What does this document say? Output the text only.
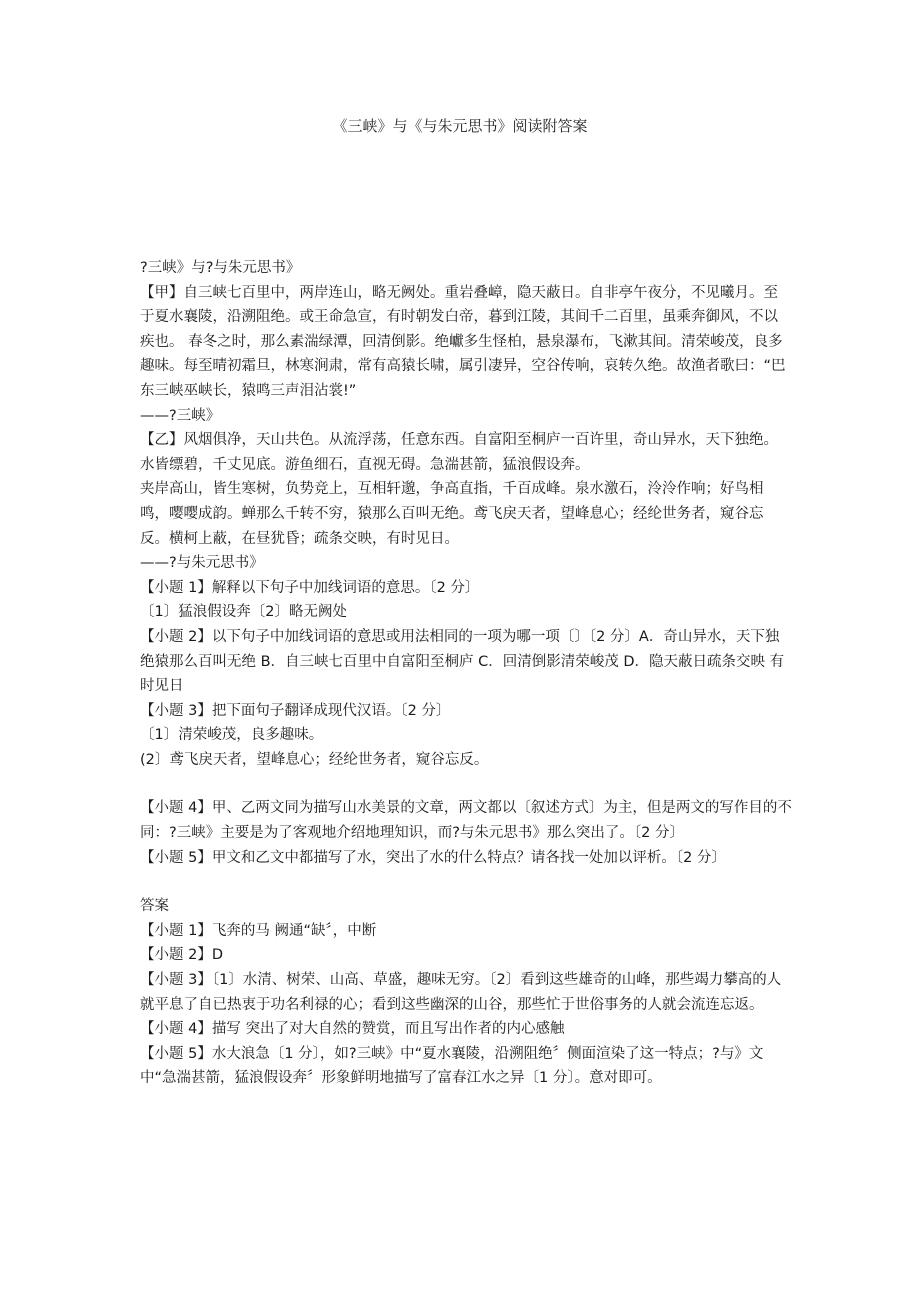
《三峡》与《与朱元思书》阅读附答案

?三峡》与?与朱元思书》

【甲】自三峡七百里中，两岸连山，略无阙处。重岩叠嶂，隐天蔽日。自非亭午夜分，不见曦月。至于夏水襄陵，沿溯阻绝。或王命急宣，有时朝发白帝，暮到江陵，其间千二百里，虽乘奔御风，不以疾也。 春冬之时，那么素湍绿潭，回清倒影。绝巘多生怪柏，悬泉瀑布，飞漱其间。清荣峻茂，良多趣味。每至晴初霜旦，林寒涧肃，常有高猿长啸，属引凄异，空谷传响，哀转久绝。故渔者歌曰：“巴东三峡巫峡长，猿鸣三声泪沾裳!”

——?三峡》

【乙】风烟俱净，天山共色。从流浮荡，任意东西。自富阳至桐庐一百许里，奇山异水，天下独绝。水皆缥碧，千丈见底。游鱼细石，直视无碍。急湍甚箭，猛浪假设奔。

夹岸高山，皆生寒树，负势竞上，互相轩邈，争高直指，千百成峰。泉水激石，泠泠作响；好鸟相鸣，嘤嘤成韵。蝉那么千转不穷，猿那么百叫无绝。鸢飞戾天者，望峰息心；经纶世务者，窥谷忘反。横柯上蔽，在昼犹昏；疏条交映，有时见日。

——?与朱元思书》

【小题 1】解释以下句子中加线词语的意思。〔2 分〕

〔1〕猛浪假设奔〔2〕略无阙处

【小题 2】以下句子中加线词语的意思或用法相同的一项为哪一项〔〕〔2 分〕A．奇山异水，天下独绝猿那么百叫无绝 B．自三峡七百里中自富阳至桐庐 C．回清倒影清荣峻茂 D．隐天蔽日疏条交映 有时见日

【小题 3】把下面句子翻译成现代汉语。〔2 分〕

〔1〕清荣峻茂，良多趣味。

(2〕鸢飞戾天者，望峰息心；经纶世务者，窥谷忘反。

【小题 4】甲、乙两文同为描写山水美景的文章，两文都以〔叙述方式〕为主，但是两文的写作目的不同：?三峡》主要是为了客观地介绍地理知识，而?与朱元思书》那么突出了。〔2 分〕

【小题 5】甲文和乙文中都描写了水，突出了水的什么特点？请各找一处加以评析。〔2 分〕

答案

【小题 1】飞奔的马 阙通“缺〞，中断

【小题 2】D

【小题 3】〔1〕水清、树荣、山高、草盛，趣味无穷。〔2〕看到这些雄奇的山峰，那些竭力攀高的人就平息了自已热衷于功名利禄的心；看到这些幽深的山谷，那些忙于世俗事务的人就会流连忘返。

【小题 4】描写 突出了对大自然的赞赏，而且写出作者的内心感触

【小题 5】水大浪急〔1 分〕，如?三峡》中“夏水襄陵，沿溯阻绝〞侧面渲染了这一特点；?与》文中“急湍甚箭，猛浪假设奔〞形象鲜明地描写了富春江水之异〔1 分〕。意对即可。
